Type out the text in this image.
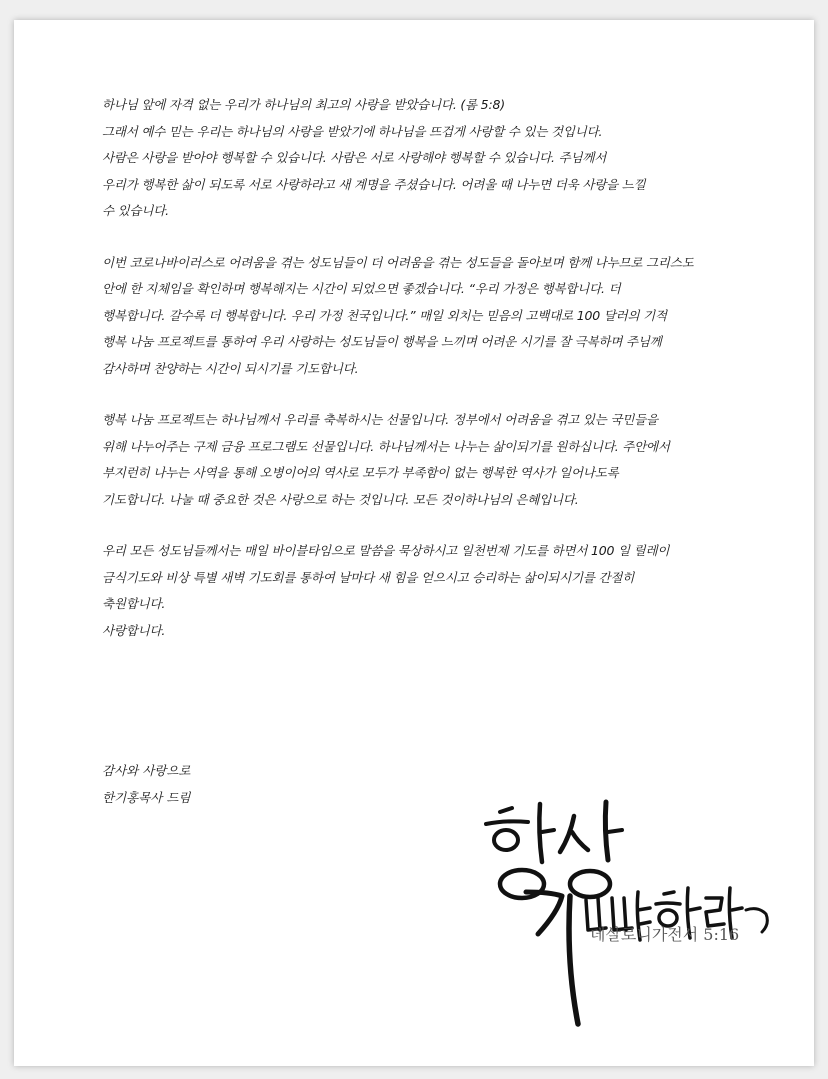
하나님 앞에 자격 없는 우리가 하나님의 최고의 사랑을 받았습니다. (롬 5:8)
그래서 예수 믿는 우리는 하나님의 사랑을 받았기에 하나님을 뜨겁게 사랑할 수 있는 것입니다.
사람은 사랑을 받아야 행복할 수 있습니다. 사람은 서로 사랑해야 행복할 수 있습니다. 주님께서
우리가 행복한 삶이 되도록 서로 사랑하라고 새 계명을 주셨습니다. 어려울 때 나누면 더욱 사랑을 느낄
수 있습니다.

이번 코로나바이러스로 어려움을 겪는 성도님들이 더 어려움을 겪는 성도들을 돌아보며 함께 나누므로 그리스도
안에 한 지체임을 확인하며 행복해지는 시간이 되었으면 좋겠습니다. “우리 가정은 행복합니다. 더
행복합니다. 갈수록 더 행복합니다. 우리 가정 천국입니다.” 매일 외치는 믿음의 고백대로 100 달러의 기적
행복 나눔 프로젝트를 통하여 우리 사랑하는 성도님들이 행복을 느끼며 어려운 시기를 잘 극복하며 주님께
감사하며 찬양하는 시간이 되시기를 기도합니다.

행복 나눔 프로젝트는 하나님께서 우리를 축복하시는 선물입니다. 정부에서 어려움을 겪고 있는 국민들을
위해 나누어주는 구제 금융 프로그램도 선물입니다. 하나님께서는 나누는 삶이되기를 원하십니다. 주안에서
부지런히 나누는 사역을 통해 오병이어의 역사로 모두가 부족함이 없는 행복한 역사가 일어나도록
기도합니다. 나눌 때 중요한 것은 사랑으로 하는 것입니다. 모든 것이하나님의 은혜입니다.

우리 모든 성도님들께서는 매일 바이블타임으로 말씀을 묵상하시고 일천번제 기도를 하면서 100 일 릴레이
금식기도와 비상 특별 새벽 기도회를 통하여 날마다 새 힘을 얻으시고 승리하는 삶이되시기를 간절히
축원합니다.
사랑합니다.

감사와 사랑으로
한기홍목사 드림
데살로니가전서 5:16
